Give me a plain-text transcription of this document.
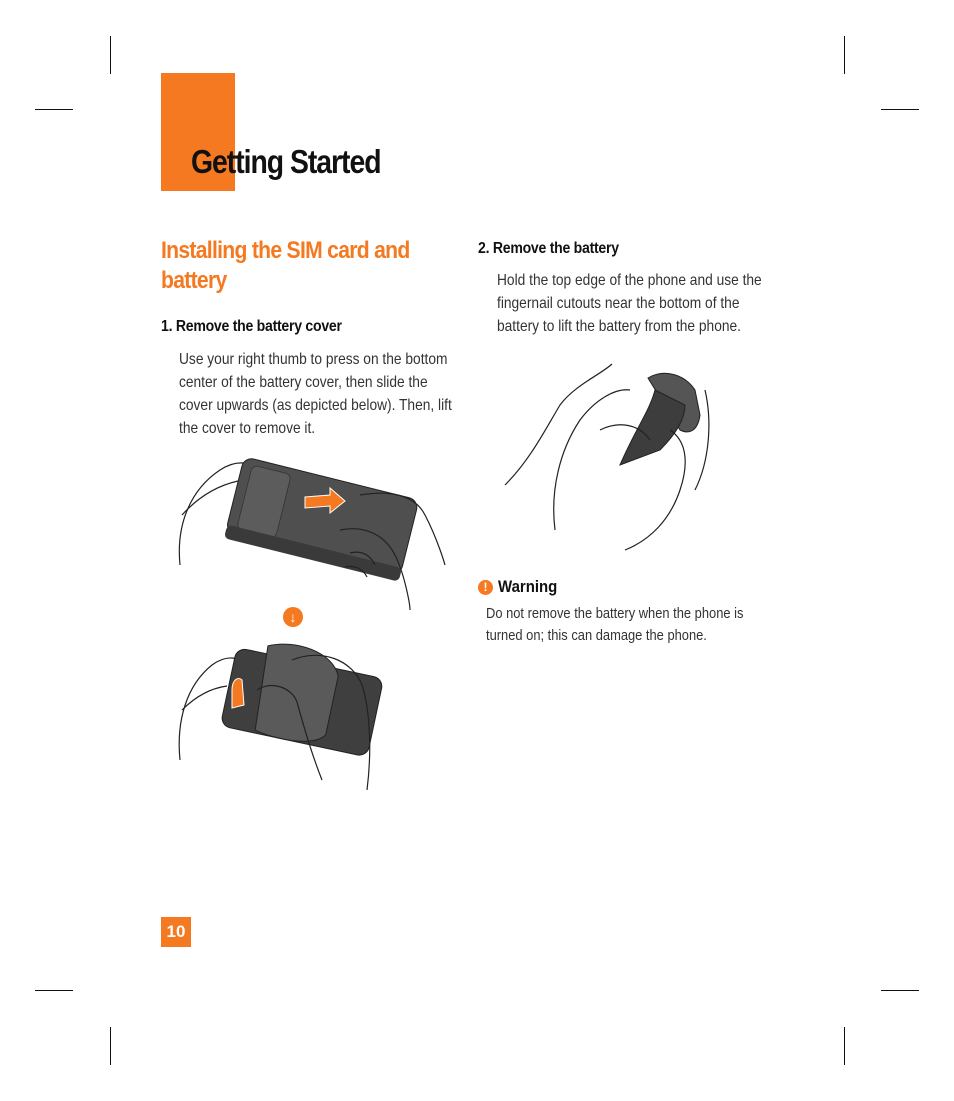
Getting Started
Installing the SIM card and battery

1. Remove the battery cover

Use your right thumb to press on the bottom center of the battery cover, then slide the cover upwards (as depicted below). Then, lift the cover to remove it.

2. Remove the battery

Hold the top edge of the phone and use the fingernail cutouts near the bottom of the battery to lift the battery from the phone.

↓
! Warning

Do not remove the battery when the phone is turned on; this can damage the phone.

10
